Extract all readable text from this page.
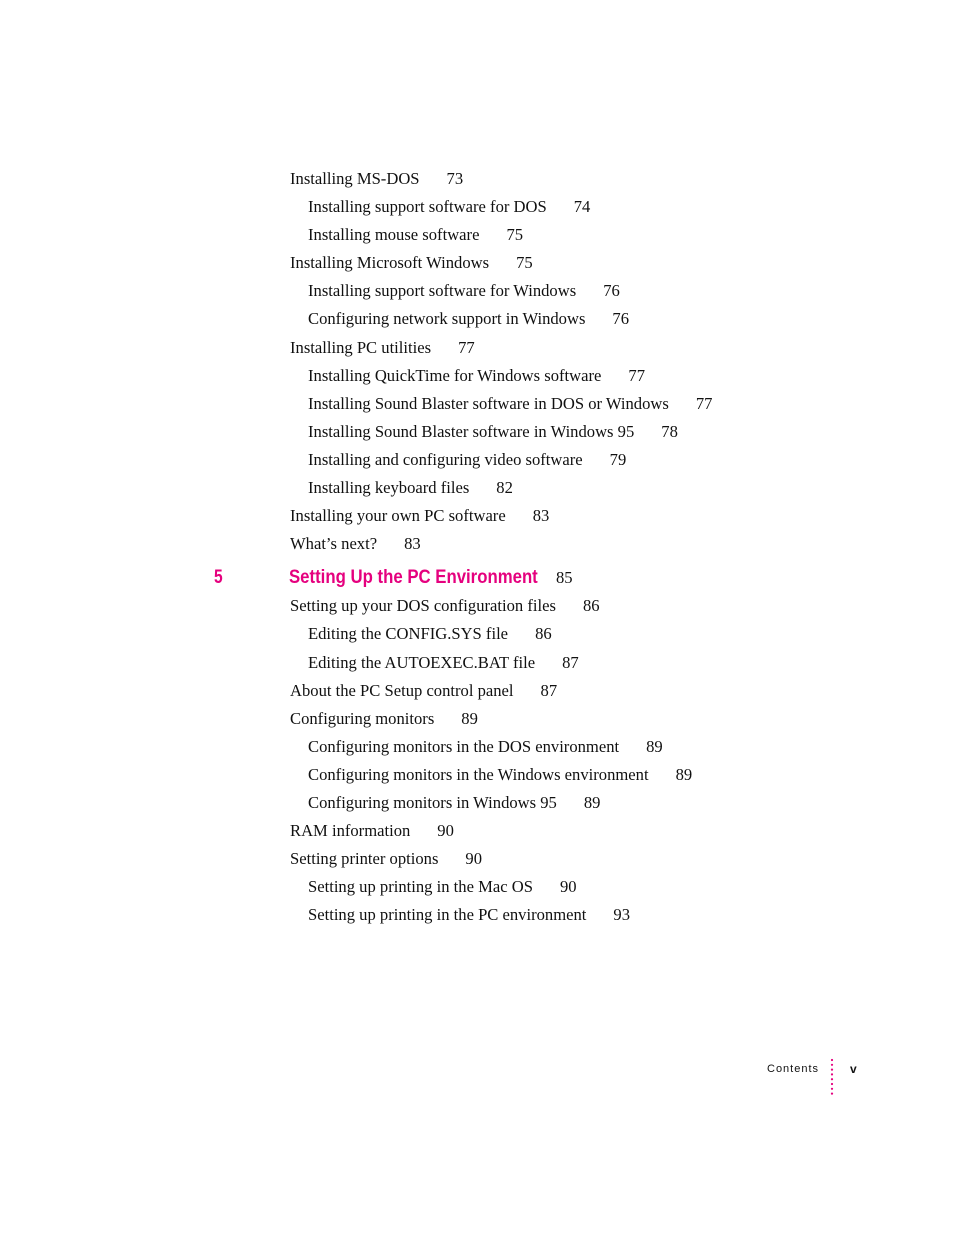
Installing MS-DOS 73
Installing support software for DOS 74
Installing mouse software 75
Installing Microsoft Windows 75
Installing support software for Windows 76
Configuring network support in Windows 76
Installing PC utilities 77
Installing QuickTime for Windows software 77
Installing Sound Blaster software in DOS or Windows 77
Installing Sound Blaster software in Windows 95 78
Installing and configuring video software 79
Installing keyboard files 82
Installing your own PC software 83
What’s next? 83
5	Setting Up the PC Environment 85
Setting up your DOS configuration files 86
Editing the CONFIG.SYS file 86
Editing the AUTOEXEC.BAT file 87
About the PC Setup control panel 87
Configuring monitors 89
Configuring monitors in the DOS environment 89
Configuring monitors in the Windows environment 89
Configuring monitors in Windows 95 89
RAM information 90
Setting printer options 90
Setting up printing in the Mac OS 90
Setting up printing in the PC environment 93
Contents	v
